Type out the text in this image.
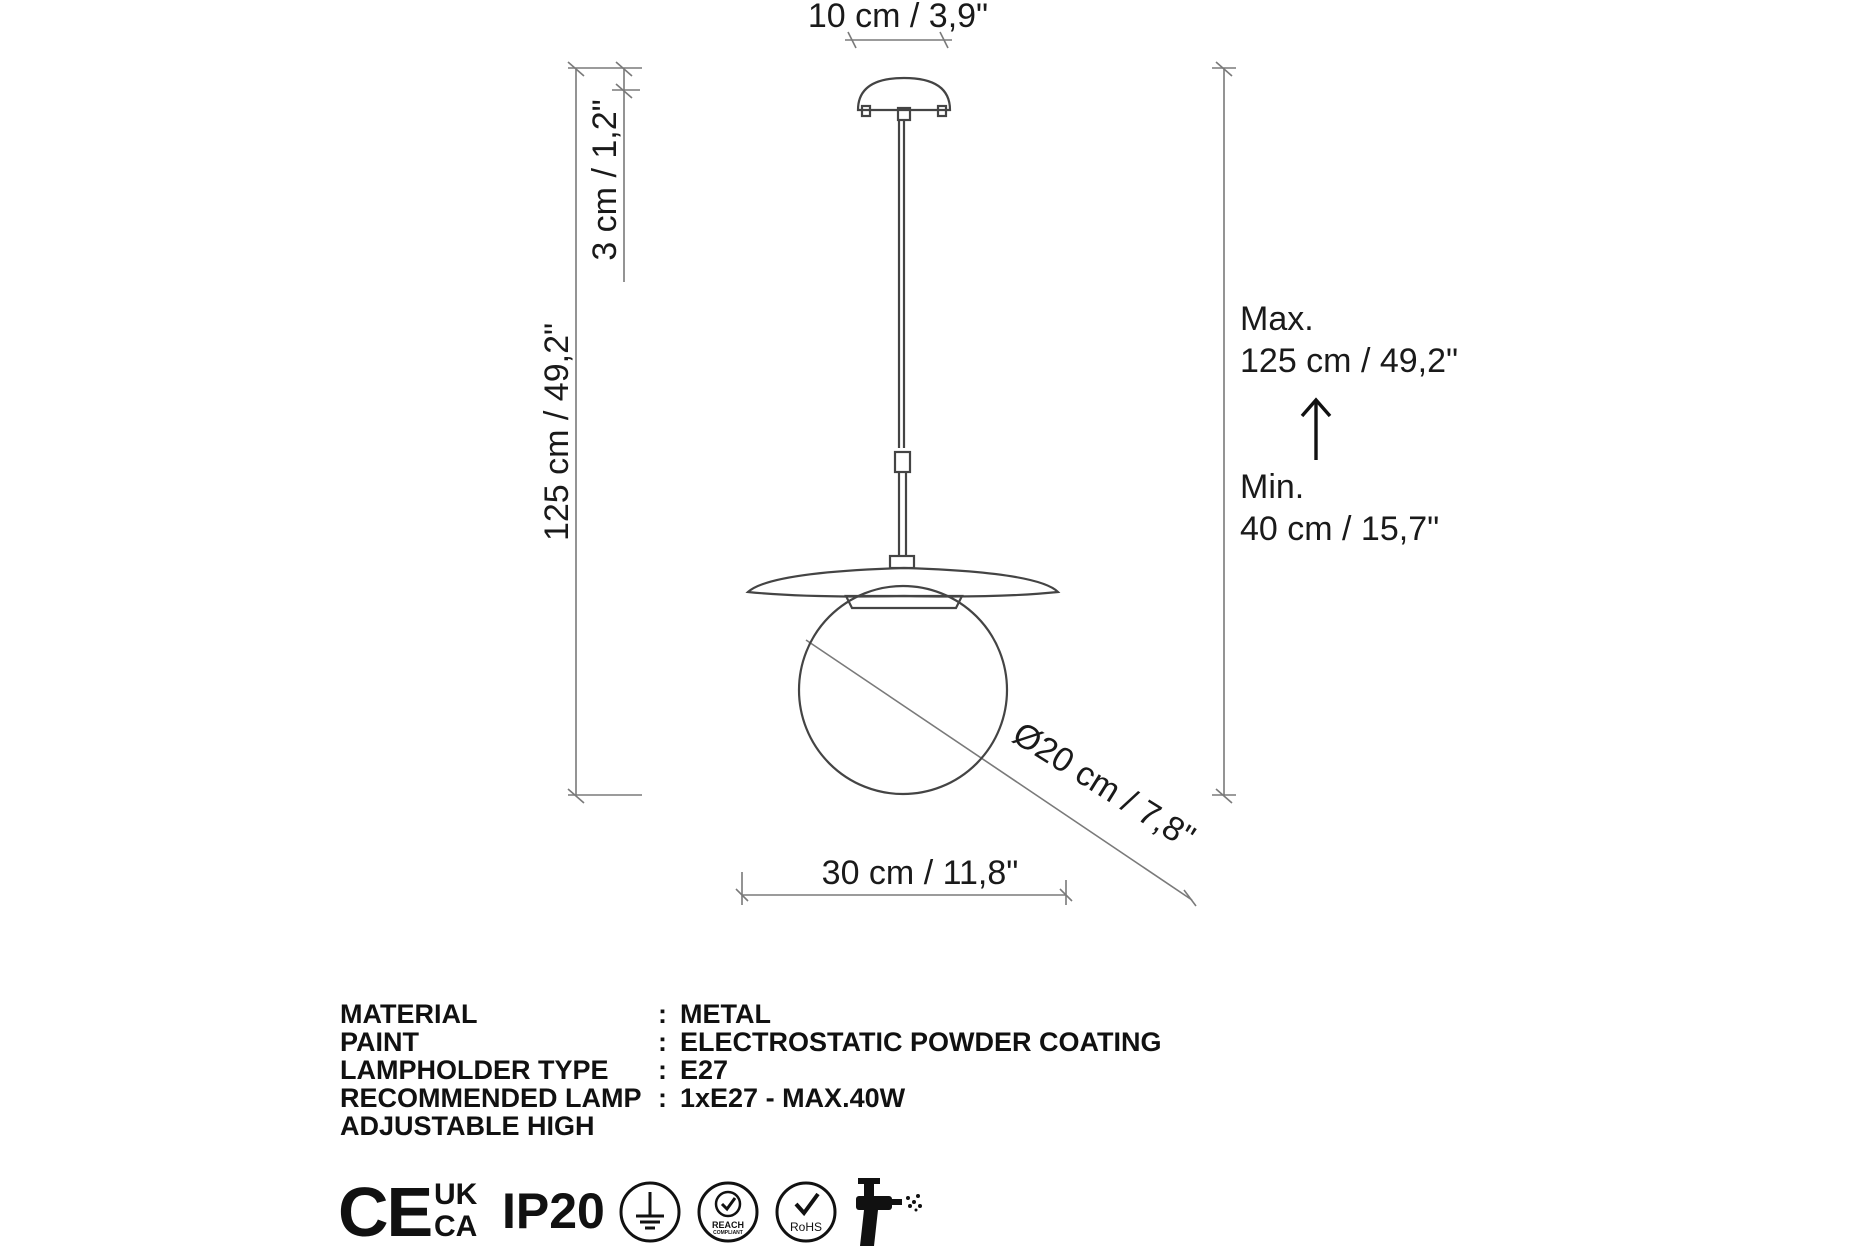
10 cm / 3,9"
3 cm / 1,2"
125 cm / 49,2"
Max.
125 cm / 49,2"
Min.
40 cm / 15,7"
Ø20 cm / 7,8"
30 cm / 11,8"
MATERIAL	:	METAL
PAINT	:	ELECTROSTATIC POWDER COATING
LAMPHOLDER TYPE	:	E27
RECOMMENDED LAMP	:	1xE27 - MAX.40W
ADJUSTABLE HIGH		
CE UK
CA IP20	REACH
COMPLIANT	RoHS
